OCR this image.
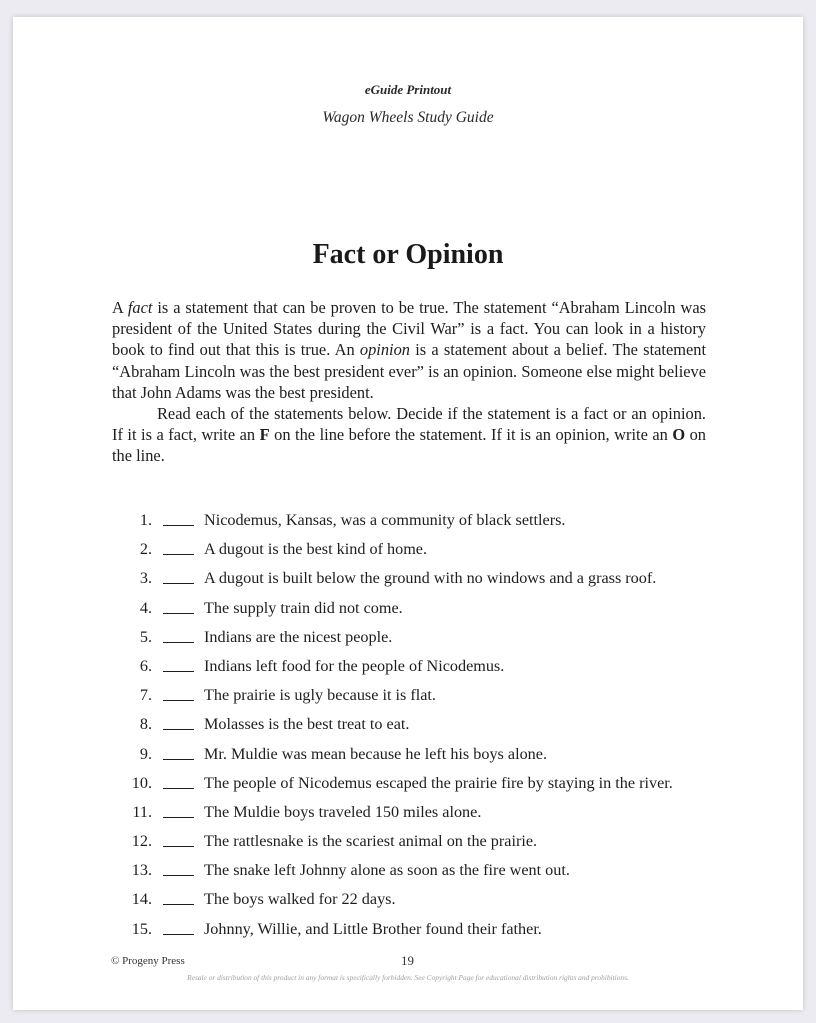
eGuide Printout
Wagon Wheels Study Guide
Fact or Opinion

A fact is a statement that can be proven to be true. The statement “Abraham Lincoln was president of the United States during the Civil War” is a fact. You can look in a history book to find out that this is true. An opinion is a statement about a belief. The statement “Abraham Lincoln was the best president ever” is an opinion. Someone else might believe that John Adams was the best president.

Read each of the statements below. Decide if the statement is a fact or an opinion. If it is a fact, write an F on the line before the statement. If it is an opinion, write an O on the line.

1.	Nicodemus, Kansas, was a community of black settlers.
2.	A dugout is the best kind of home.
3.	A dugout is built below the ground with no windows and a grass roof.
4.	The supply train did not come.
5.	Indians are the nicest people.
6.	Indians left food for the people of Nicodemus.
7.	The prairie is ugly because it is flat.
8.	Molasses is the best treat to eat.
9.	Mr. Muldie was mean because he left his boys alone.
10.	The people of Nicodemus escaped the prairie fire by staying in the river.
11.	The Muldie boys traveled 150 miles alone.
12.	The rattlesnake is the scariest animal on the prairie.
13.	The snake left Johnny alone as soon as the fire went out.
14.	The boys walked for 22 days.
15.	Johnny, Willie, and Little Brother found their father.
© Progeny Press	19
Resale or distribution of this product in any format is specifically forbidden. See Copyright Page for educational distribution rights and prohibitions.
